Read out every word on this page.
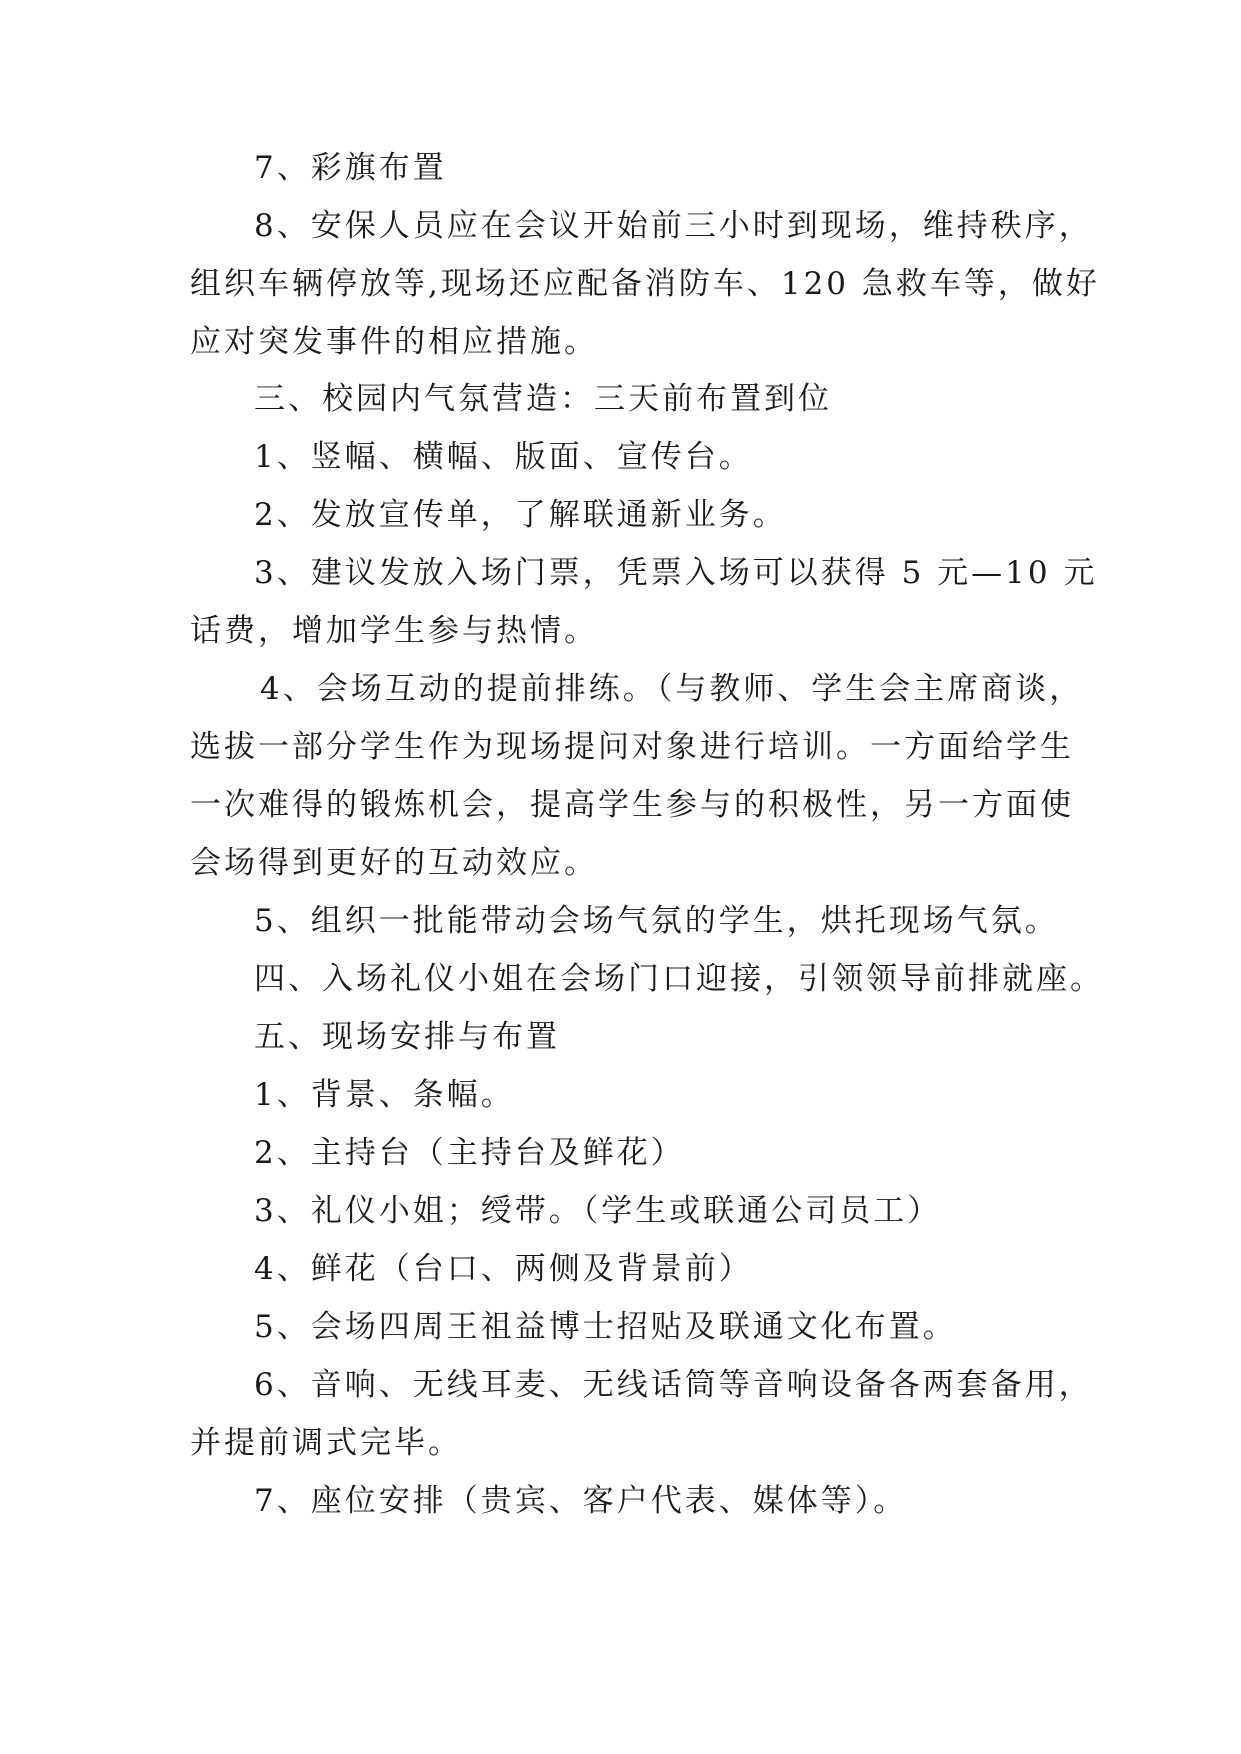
7、彩旗布置
8、安保人员应在会议开始前三小时到现场，维持秩序，
组织车辆停放等,现场还应配备消防车、120 急救车等，做好
应对突发事件的相应措施。
三、校园内气氛营造：三天前布置到位
1、竖幅、横幅、版面、宣传台。
2、发放宣传单，了解联通新业务。
3、建议发放入场门票，凭票入场可以获得 5 元—10 元
话费，增加学生参与热情。
4、会场互动的提前排练。（与教师、学生会主席商谈，
选拔一部分学生作为现场提问对象进行培训。一方面给学生
一次难得的锻炼机会，提高学生参与的积极性，另一方面使
会场得到更好的互动效应。
5、组织一批能带动会场气氛的学生，烘托现场气氛。
四、入场礼仪小姐在会场门口迎接，引领领导前排就座。
五、现场安排与布置
1、背景、条幅。
2、主持台（主持台及鲜花）
3、礼仪小姐；绶带。（学生或联通公司员工）
4、鲜花（台口、两侧及背景前）
5、会场四周王祖益博士招贴及联通文化布置。
6、音响、无线耳麦、无线话筒等音响设备各两套备用，
并提前调式完毕。
7、座位安排（贵宾、客户代表、媒体等）。
